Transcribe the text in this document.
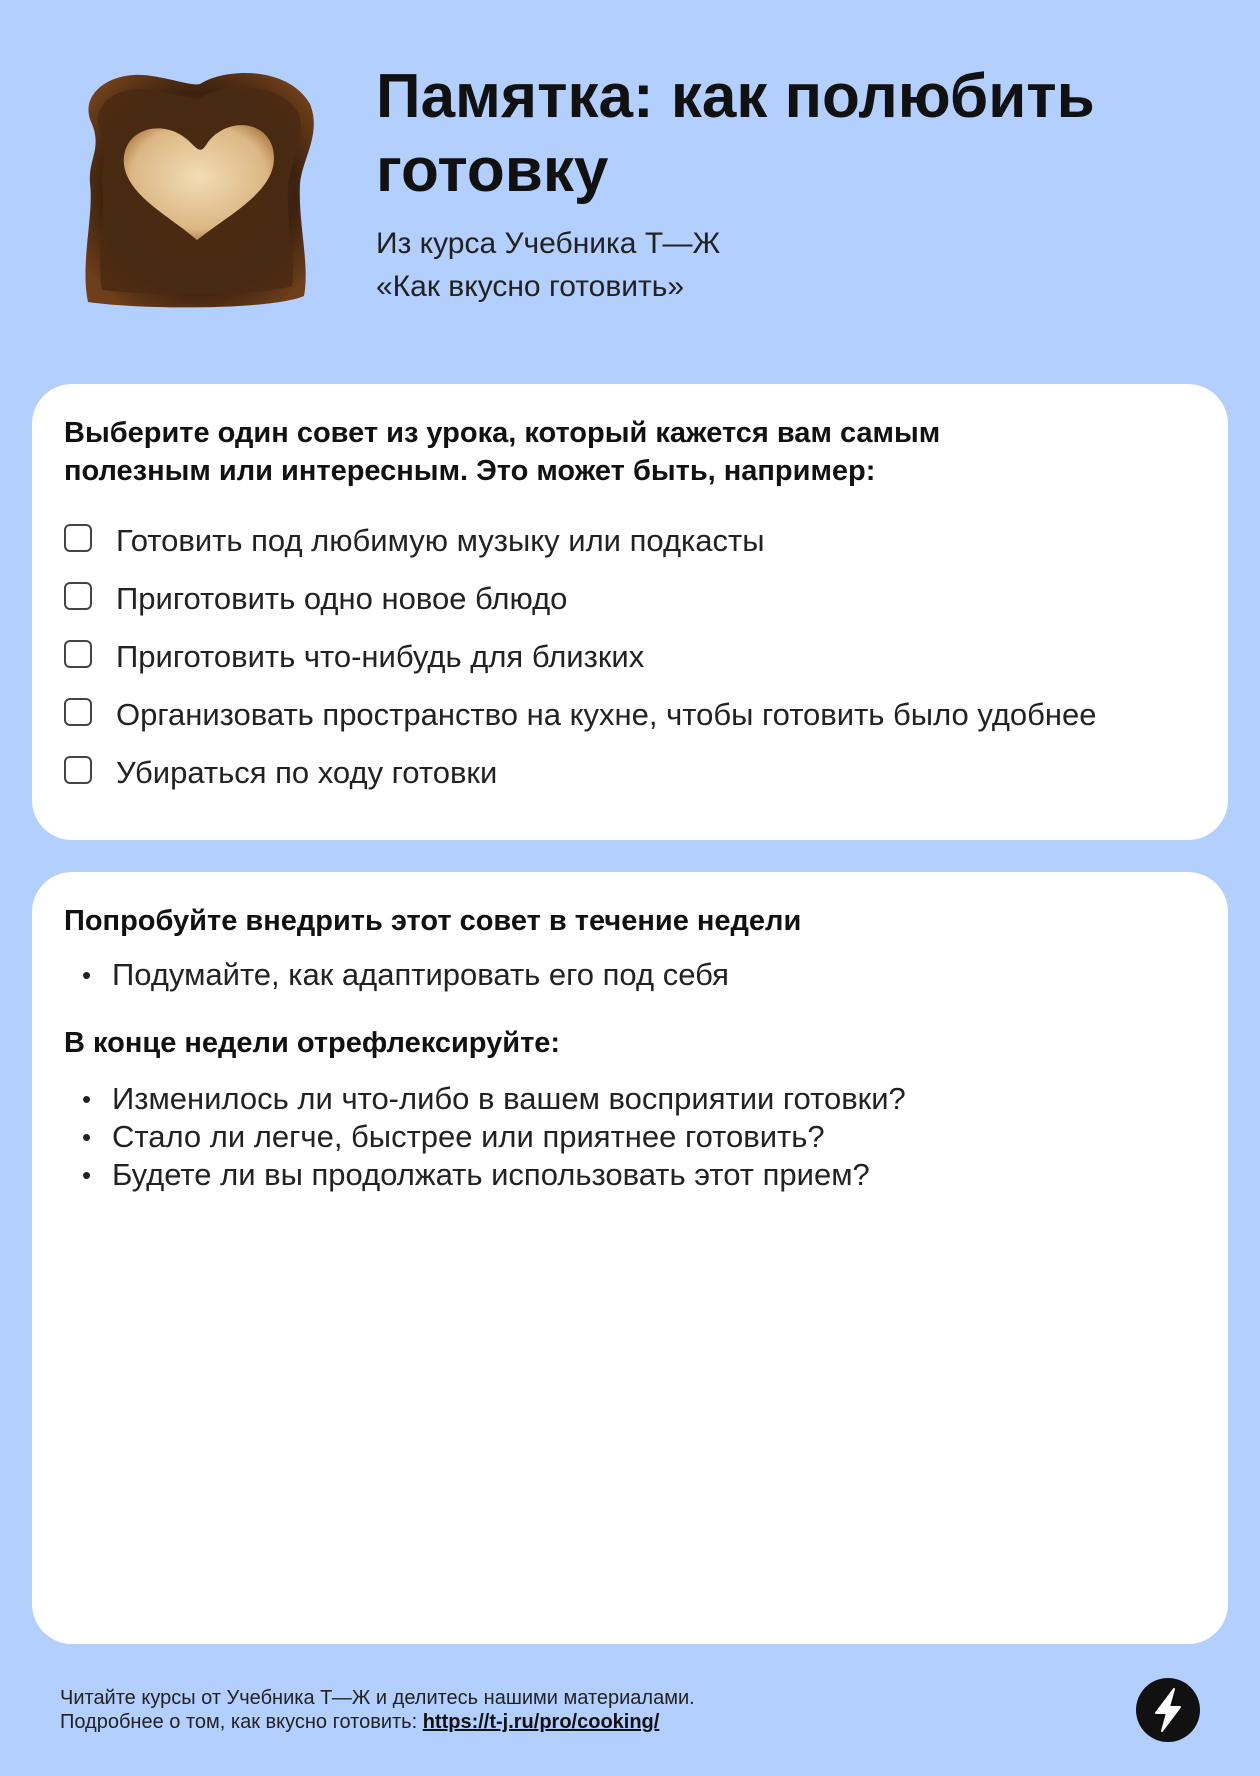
Памятка: как полюбить готовку
Из курса Учебника Т—Ж
«Как вкусно готовить»
Выберите один совет из урока, который кажется вам самым полезным или интересным. Это может быть, например:
Готовить под любимую музыку или подкасты
Приготовить одно новое блюдо
Приготовить что-нибудь для близких
Организовать пространство на кухне, чтобы готовить было удобнее
Убираться по ходу готовки
Попробуйте внедрить этот совет в течение недели
• Подумайте, как адаптировать его под себя
В конце недели отрефлексируйте:
• Изменилось ли что-либо в вашем восприятии готовки?
• Стало ли легче, быстрее или приятнее готовить?
• Будете ли вы продолжать использовать этот прием?
Читайте курсы от Учебника Т—Ж и делитесь нашими материалами.
Подробнее о том, как вкусно готовить: https://t-j.ru/pro/cooking/
